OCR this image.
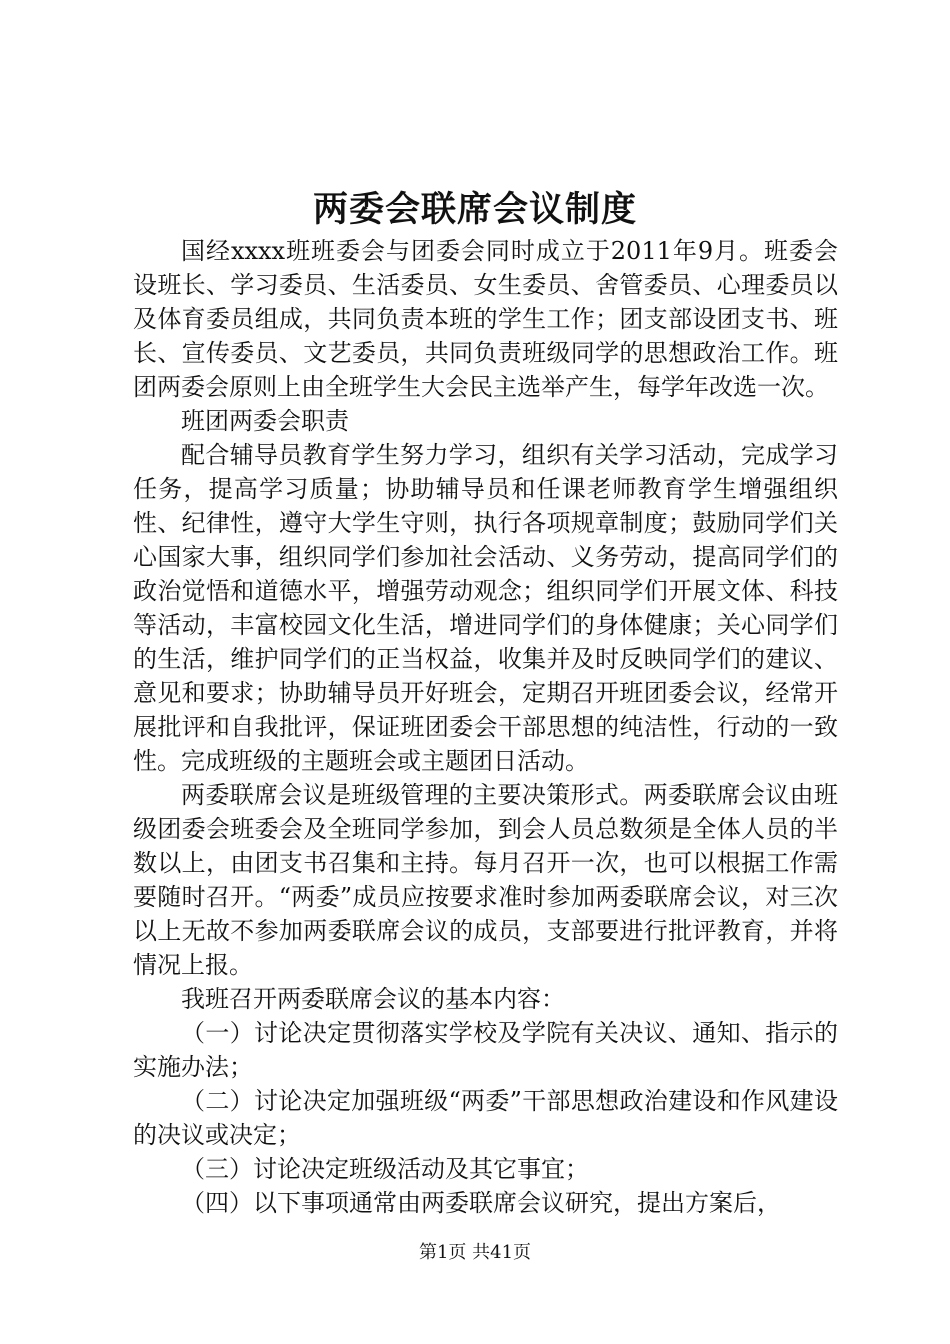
两委会联席会议制度

国经xxxx班班委会与团委会同时成立于2011年9月。班委会设班长、学习委员、生活委员、女生委员、舍管委员、心理委员以及体育委员组成，共同负责本班的学生工作；团支部设团支书、班长、宣传委员、文艺委员，共同负责班级同学的思想政治工作。班团两委会原则上由全班学生大会民主选举产生，每学年改选一次。

班团两委会职责

配合辅导员教育学生努力学习，组织有关学习活动，完成学习任务，提高学习质量；协助辅导员和任课老师教育学生增强组织性、纪律性，遵守大学生守则，执行各项规章制度；鼓励同学们关心国家大事，组织同学们参加社会活动、义务劳动，提高同学们的政治觉悟和道德水平，增强劳动观念；组织同学们开展文体、科技等活动，丰富校园文化生活，增进同学们的身体健康；关心同学们的生活，维护同学们的正当权益，收集并及时反映同学们的建议、意见和要求；协助辅导员开好班会，定期召开班团委会议，经常开展批评和自我批评，保证班团委会干部思想的纯洁性，行动的一致性。完成班级的主题班会或主题团日活动。

两委联席会议是班级管理的主要决策形式。两委联席会议由班级团委会班委会及全班同学参加，到会人员总数须是全体人员的半数以上，由团支书召集和主持。每月召开一次，也可以根据工作需要随时召开。“两委”成员应按要求准时参加两委联席会议，对三次以上无故不参加两委联席会议的成员，支部要进行批评教育，并将情况上报。

我班召开两委联席会议的基本内容：

（一）讨论决定贯彻落实学校及学院有关决议、通知、指示的实施办法；

（二）讨论决定加强班级“两委”干部思想政治建设和作风建设的决议或决定；

（三）讨论决定班级活动及其它事宜；

（四）以下事项通常由两委联席会议研究，提出方案后，

第1页 共41页
